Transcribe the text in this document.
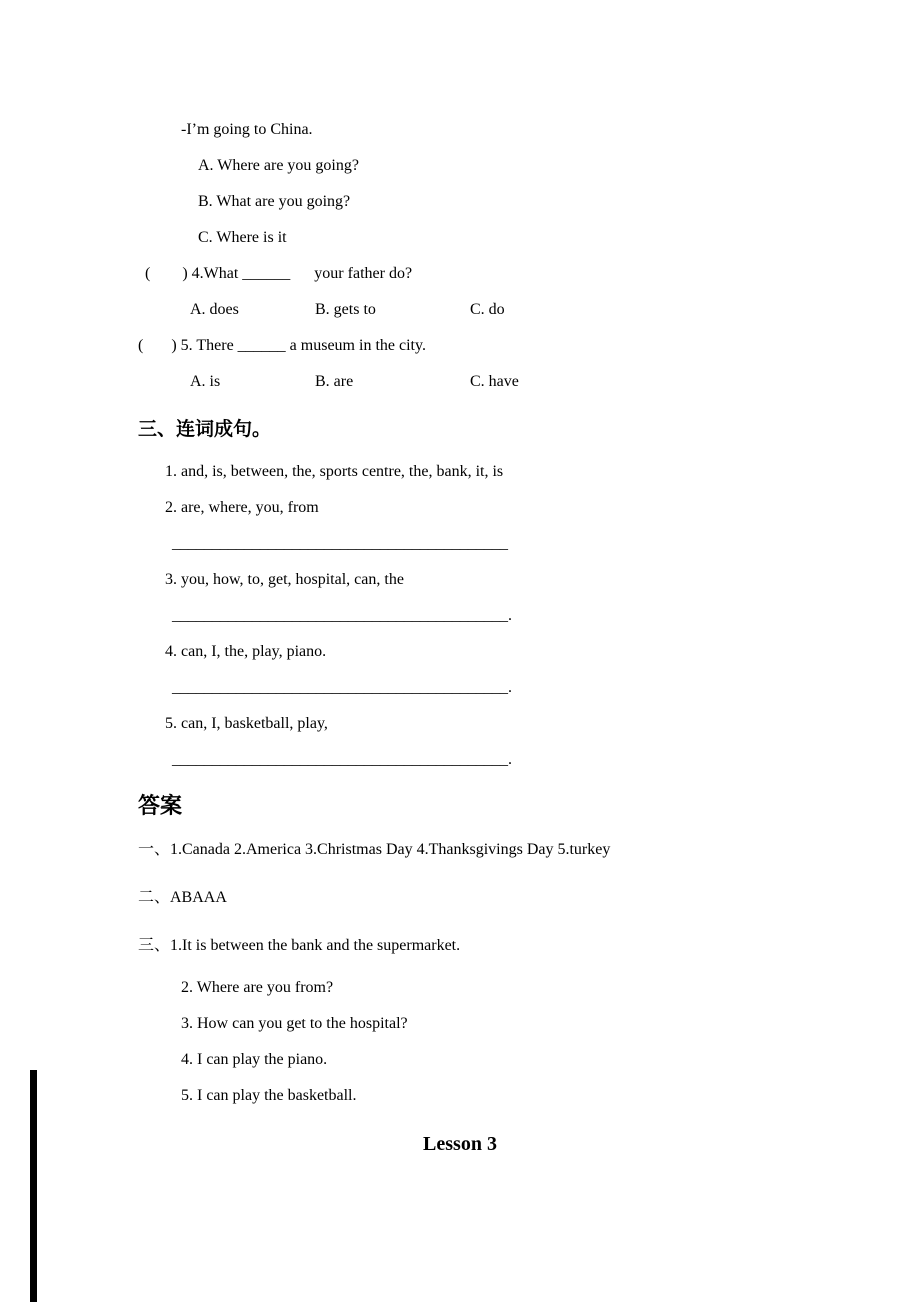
-I’m going to China.

A. Where are you going?

B. What are you going?

C. Where is it

(        ) 4.What ______      your father do?

A. does	B. gets to	C. do

(       ) 5. There ______ a museum in the city.

A. is	B. are	C. have

三、连词成句。

1. and, is, between, the, sports centre, the, bank, it, is

2. are, where, you, from

__________________________________________

3. you, how, to, get, hospital, can, the

__________________________________________.

4. can, I, the, play, piano.

__________________________________________.

5. can, I, basketball, play,

__________________________________________.

答案

一、1.Canada 2.America 3.Christmas Day 4.Thanksgivings Day 5.turkey

二、ABAAA

三、1.It is between the bank and the supermarket.

2. Where are you from?

3. How can you get to the hospital?

4. I can play the piano.

5. I can play the basketball.

Lesson 3
